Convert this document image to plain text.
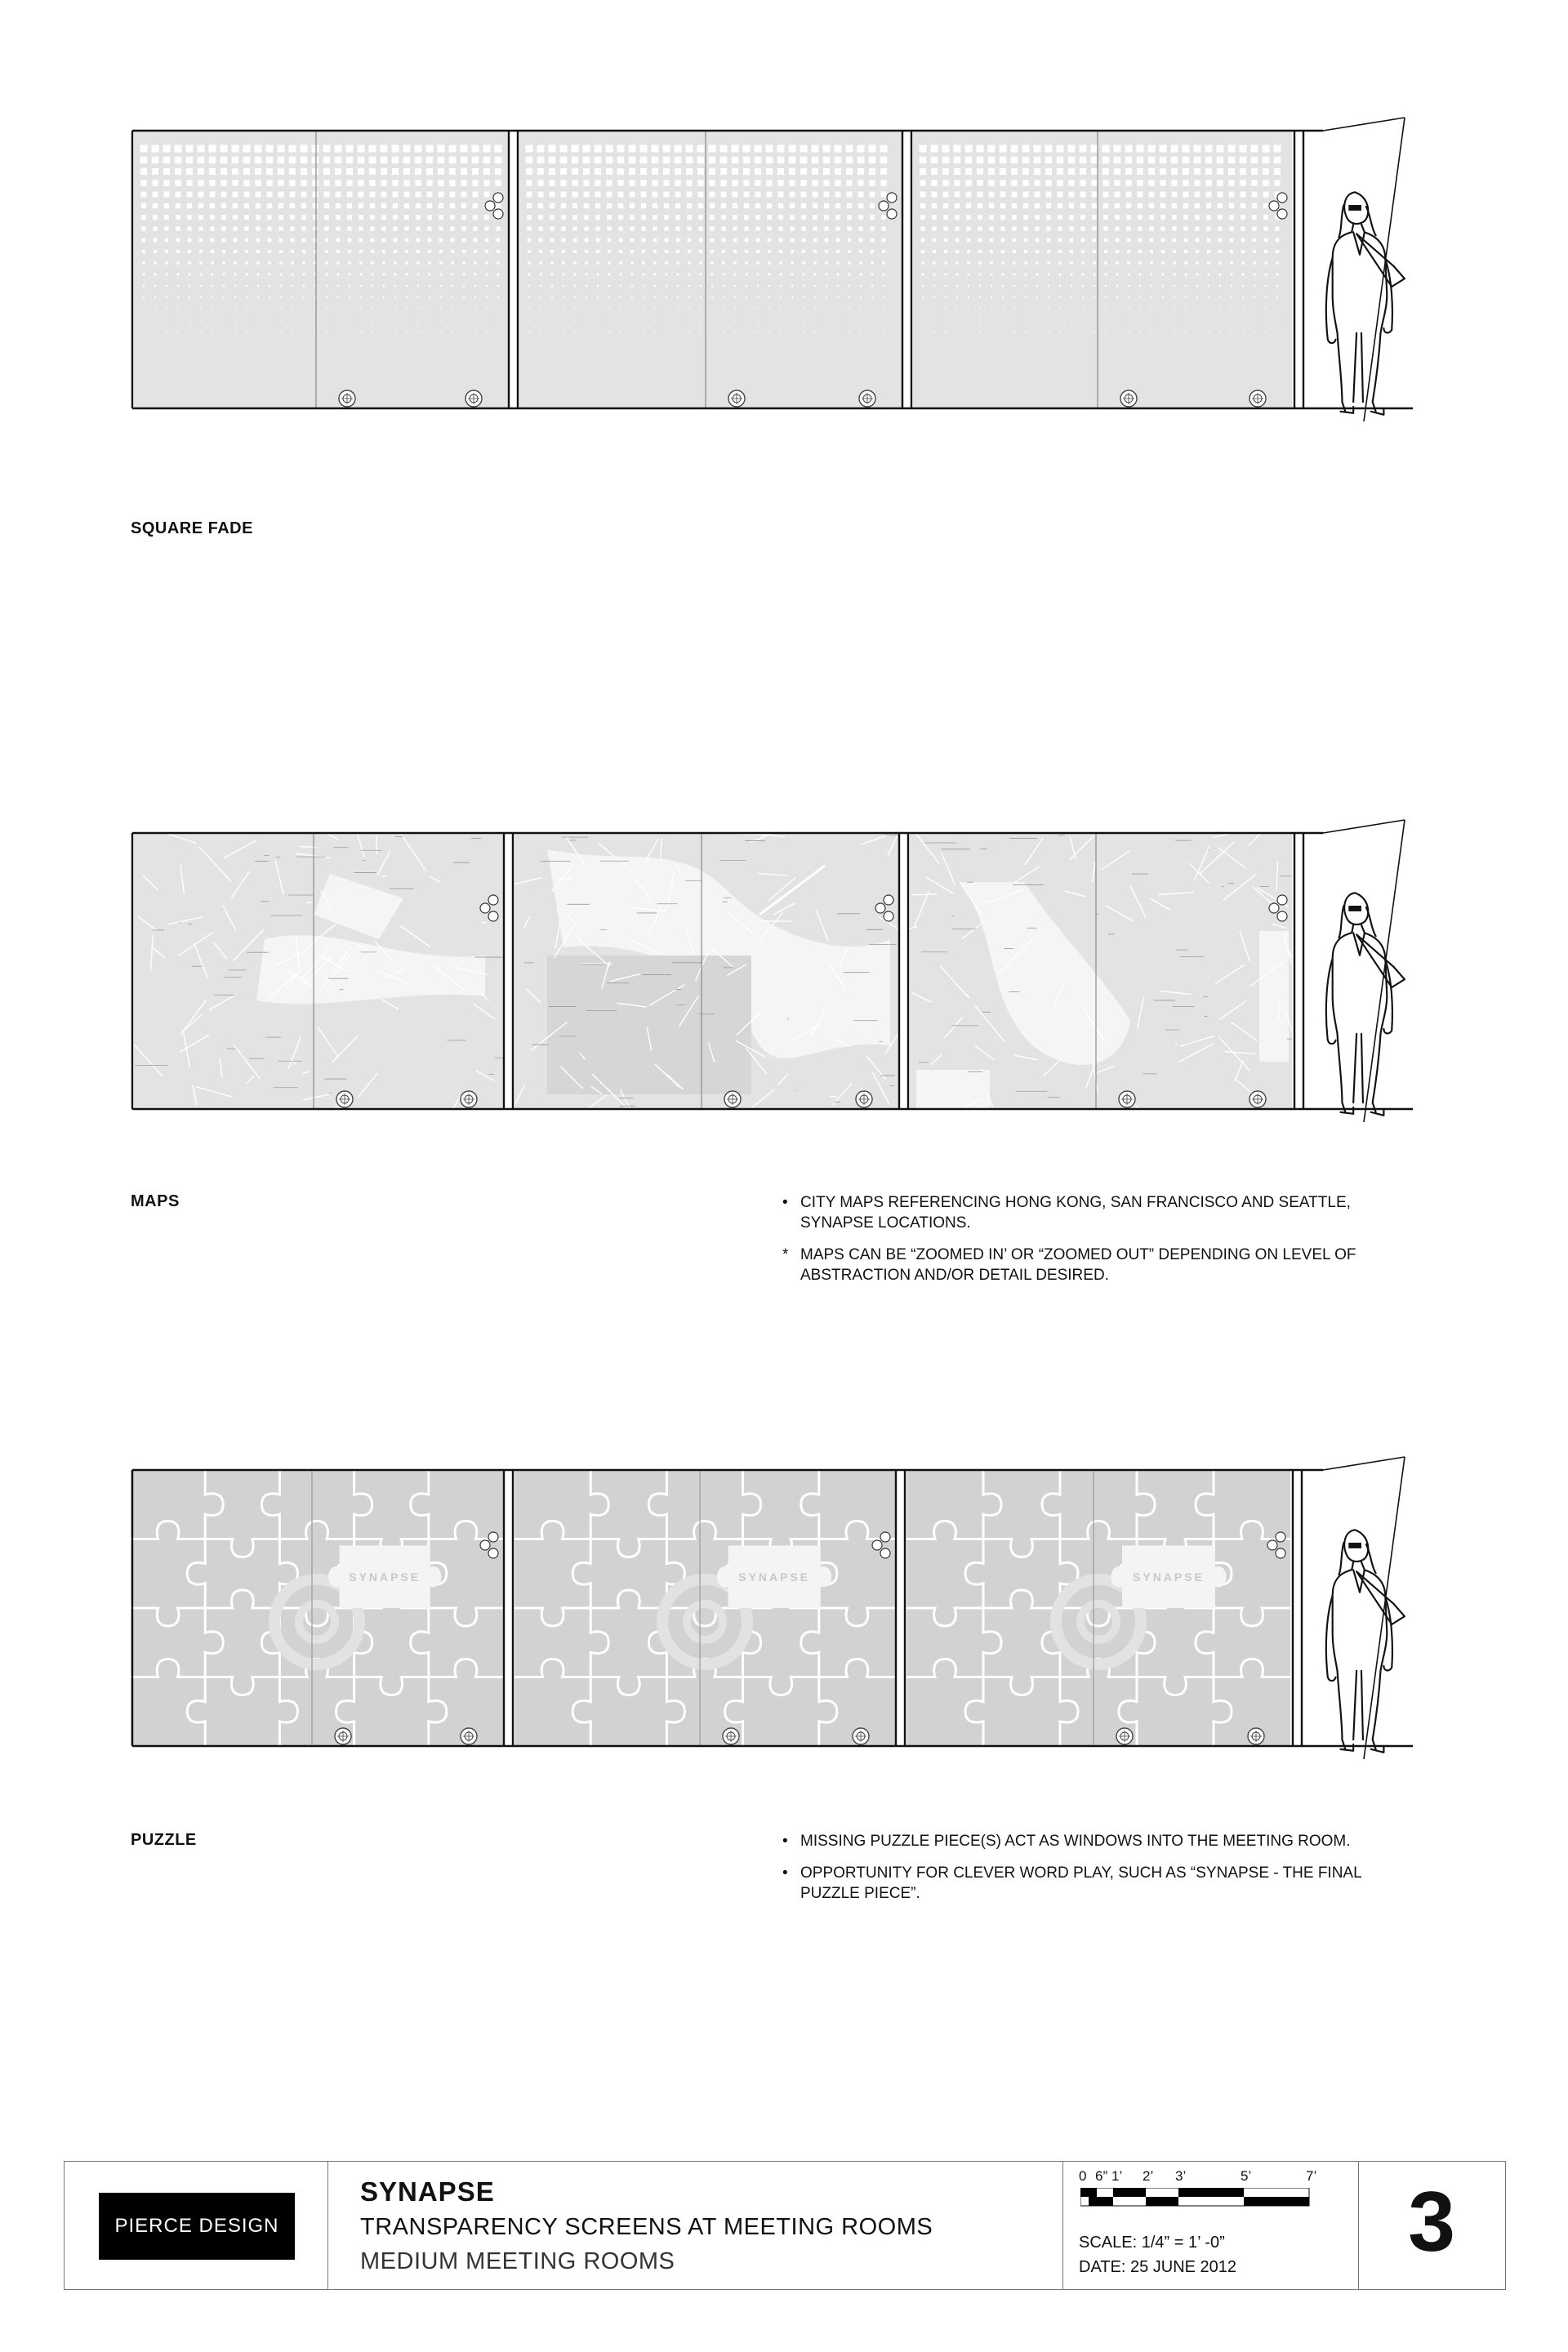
SQUARE FADE
MAPS	• CITY MAPS REFERENCING HONG KONG, SAN FRANCISCO AND SEATTLE, SYNAPSE LOCATIONS.

* MAPS CAN BE “ZOOMED IN’ OR “ZOOMED OUT” DEPENDING ON LEVEL OF ABSTRACTION AND/OR DETAIL DESIRED.

SYNAPSE	SYNAPSE	SYNAPSE
PUZZLE	• MISSING PUZZLE PIECE(S) ACT AS WINDOWS INTO THE MEETING ROOM.

• OPPORTUNITY FOR CLEVER WORD PLAY, SUCH AS “SYNAPSE - THE FINAL PUZZLE PIECE”.

PIERCE DESIGN
SYNAPSE
TRANSPARENCY SCREENS AT MEETING ROOMS
MEDIUM MEETING ROOMS
0 6” 1’ 2’ 3’	5’	7’
SCALE: 1/4” = 1’ -0”
DATE: 25 JUNE 2012	3
